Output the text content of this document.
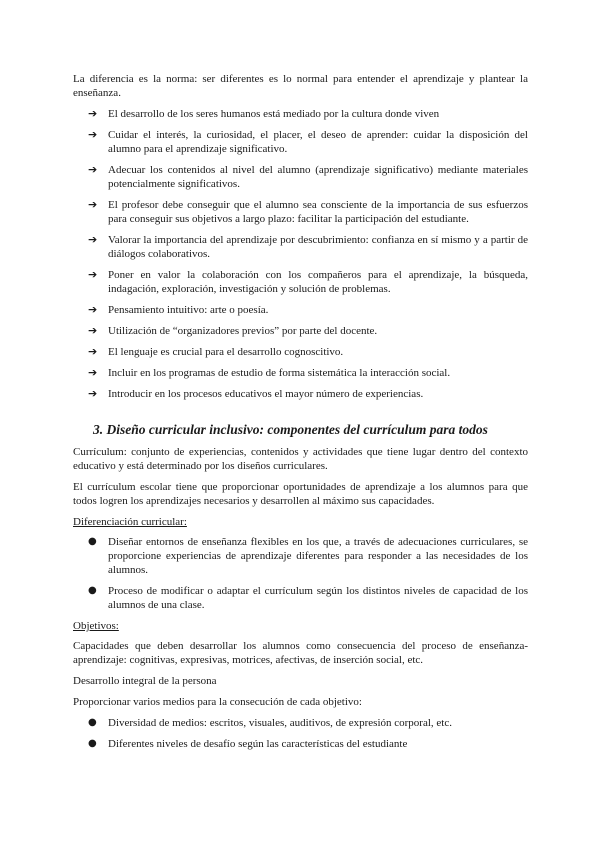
La diferencia es la norma: ser diferentes es lo normal para entender el aprendizaje y plantear la enseñanza.

➔ El desarrollo de los seres humanos está mediado por la cultura donde viven
➔ Cuidar el interés, la curiosidad, el placer, el deseo de aprender: cuidar la disposición del alumno para el aprendizaje significativo.
➔ Adecuar los contenidos al nivel del alumno (aprendizaje significativo) mediante materiales potencialmente significativos.
➔ El profesor debe conseguir que el alumno sea consciente de la importancia de sus esfuerzos para conseguir sus objetivos a largo plazo: facilitar la participación del estudiante.
➔ Valorar la importancia del aprendizaje por descubrimiento: confianza en sí mismo y a partir de diálogos colaborativos.
➔ Poner en valor la colaboración con los compañeros para el aprendizaje, la búsqueda, indagación, exploración, investigación y solución de problemas.
➔ Pensamiento intuitivo: arte o poesía.
➔ Utilización de “organizadores previos” por parte del docente.
➔ El lenguaje es crucial para el desarrollo cognoscitivo.
➔ Incluir en los programas de estudio de forma sistemática la interacción social.
➔ Introducir en los procesos educativos el mayor número de experiencias.
3. Diseño curricular inclusivo: componentes del currículum para todos

Currículum: conjunto de experiencias, contenidos y actividades que tiene lugar dentro del contexto educativo y está determinado por los diseños curriculares.

El currículum escolar tiene que proporcionar oportunidades de aprendizaje a los alumnos para que todos logren los aprendizajes necesarios y desarrollen al máximo sus capacidades.

Diferenciación curricular:

● Diseñar entornos de enseñanza flexibles en los que, a través de adecuaciones curriculares, se proporcione experiencias de aprendizaje diferentes para responder a las necesidades de los alumnos.
● Proceso de modificar o adaptar el currículum según los distintos niveles de capacidad de los alumnos de una clase.

Objetivos:

Capacidades que deben desarrollar los alumnos como consecuencia del proceso de enseñanza-aprendizaje: cognitivas, expresivas, motrices, afectivas, de inserción social, etc.

Desarrollo integral de la persona

Proporcionar varios medios para la consecución de cada objetivo:

● Diversidad de medios: escritos, visuales, auditivos, de expresión corporal, etc.
● Diferentes niveles de desafío según las características del estudiante
